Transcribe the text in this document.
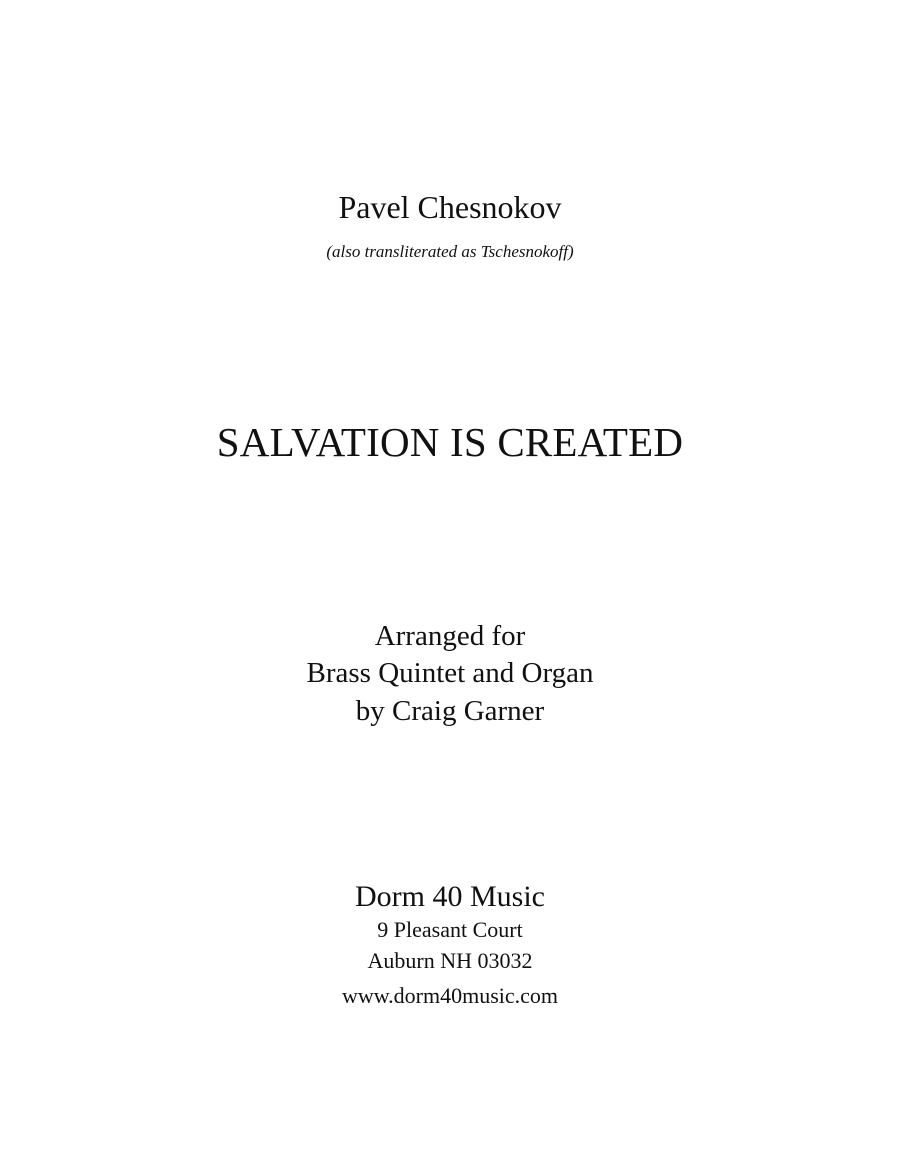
Pavel Chesnokov
(also transliterated as Tschesnokoff)
SALVATION IS CREATED
Arranged for
Brass Quintet and Organ
by Craig Garner
Dorm 40 Music
9 Pleasant Court
Auburn NH 03032
www.dorm40music.com
